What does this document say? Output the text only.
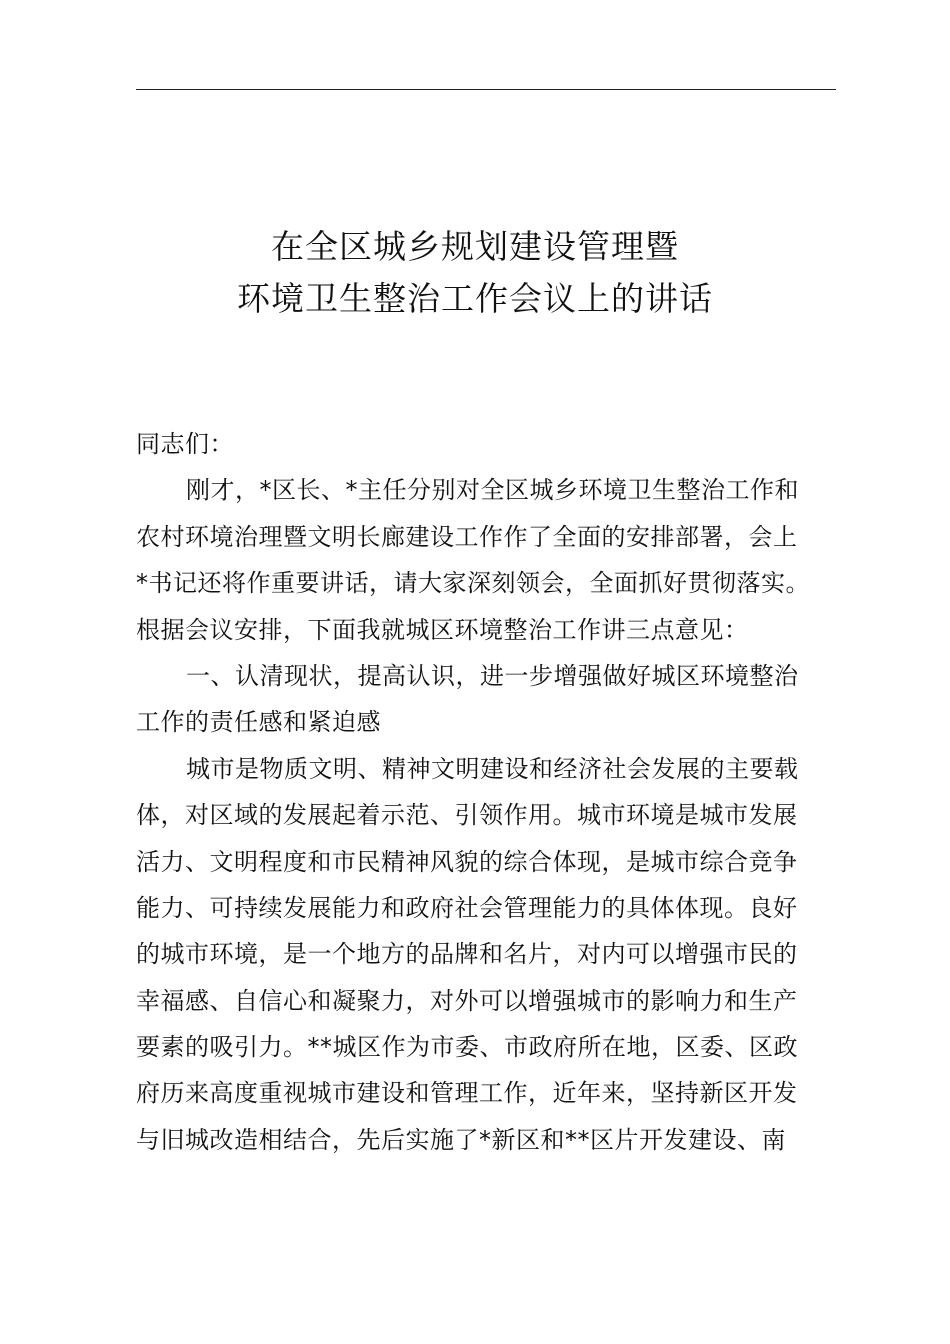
在全区城乡规划建设管理暨
环境卫生整治工作会议上的讲话
同志们：
刚才，*区长、*主任分别对全区城乡环境卫生整治工作和
农村环境治理暨文明长廊建设工作作了全面的安排部署，会上
*书记还将作重要讲话，请大家深刻领会，全面抓好贯彻落实。
根据会议安排，下面我就城区环境整治工作讲三点意见：
一、认清现状，提高认识，进一步增强做好城区环境整治
工作的责任感和紧迫感
城市是物质文明、精神文明建设和经济社会发展的主要载
体，对区域的发展起着示范、引领作用。城市环境是城市发展
活力、文明程度和市民精神风貌的综合体现，是城市综合竞争
能力、可持续发展能力和政府社会管理能力的具体体现。良好
的城市环境，是一个地方的品牌和名片，对内可以增强市民的
幸福感、自信心和凝聚力，对外可以增强城市的影响力和生产
要素的吸引力。**城区作为市委、市政府所在地，区委、区政
府历来高度重视城市建设和管理工作，近年来，坚持新区开发
与旧城改造相结合，先后实施了*新区和**区片开发建设、南
